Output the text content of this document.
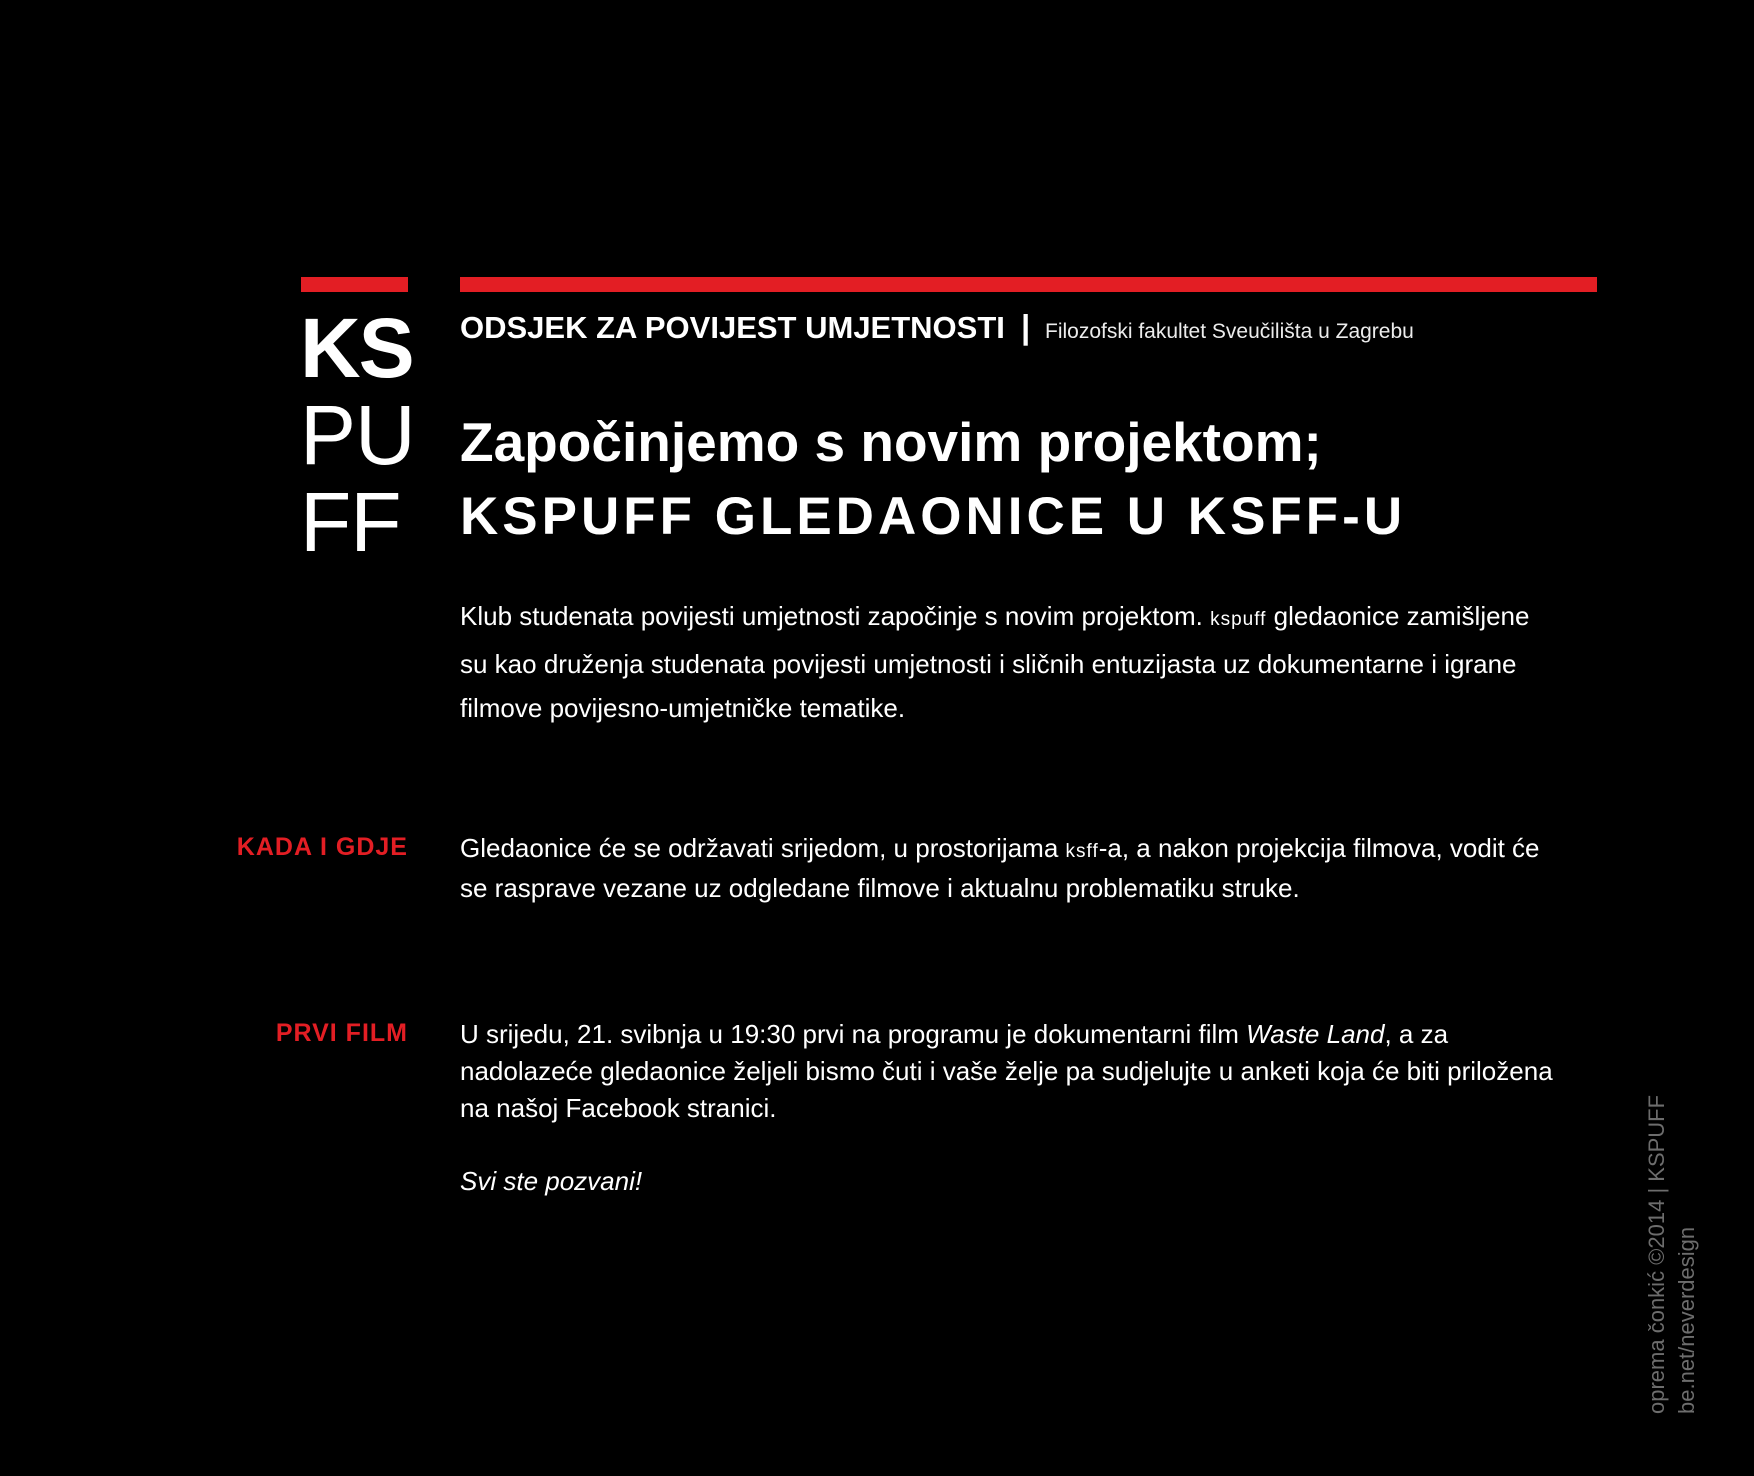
KS
PU
FF
ODSJEK ZA POVIJEST UMJETNOSTI | Filozofski fakultet Sveučilišta u Zagrebu
Započinjemo s novim projektom;
KSPUFF GLEDAONICE U KSFF-U
Klub studenata povijesti umjetnosti započinje s novim projektom. kspuff gledaonice zamišljene su kao druženja studenata povijesti umjetnosti i sličnih entuzijasta uz dokumentarne i igrane filmove povijesno-umjetničke tematike.
KADA I GDJE Gledaonice će se održavati srijedom, u prostorijama ksff-a, a nakon projekcija filmova, vodit će se rasprave vezane uz odgledane filmove i aktualnu problematiku struke.
PRVI FILM U srijedu, 21. svibnja u 19:30 prvi na programu je dokumentarni film Waste Land, a za nadolazeće gledaonice željeli bismo čuti i vaše želje pa sudjelujte u anketi koja će biti priložena na našoj Facebook stranici.
Svi ste pozvani!	oprema čonkić ©2014 | KSPUFF be.net/neverdesign
